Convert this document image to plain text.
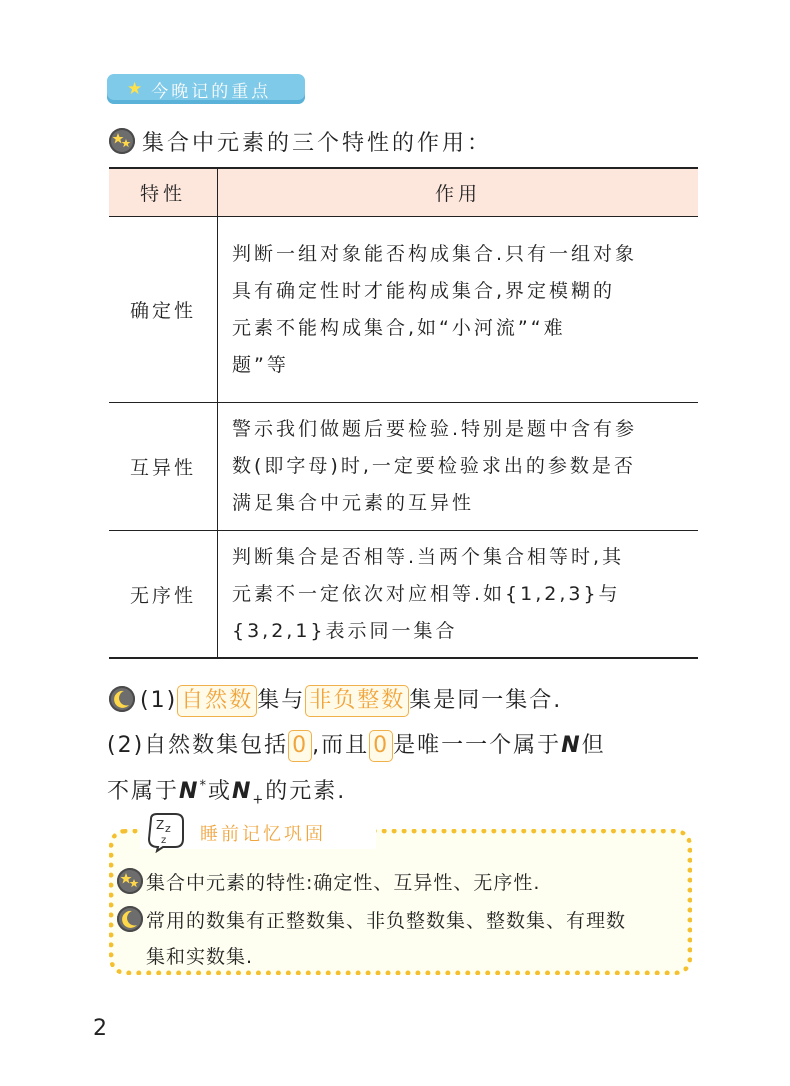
★ 今晚记的重点
集合中元素的三个特性的作用：
特性	作用
确定性	判断一组对象能否构成集合.只有一组对象
具有确定性时才能构成集合,界定模糊的
元素不能构成集合,如“小河流”“难
题”等

互异性	警示我们做题后要检验.特别是题中含有参
数(即字母)时,一定要检验求出的参数是否
满足集合中元素的互异性

无序性	判断集合是否相等.当两个集合相等时,其
元素不一定依次对应相等.如{1,2,3}与
{3,2,1}表示同一集合
(1) 自然数 集与 非负整数 集是同一集合.
(2)自然数集包括 0 ,而且 0 是唯一一个属于N但
不属于N*或$N_+$的元素.
Z z
z 睡前记忆巩固
集合中元素的特性:确定性、互异性、无序性.
常用的数集有正整数集、非负整数集、整数集、有理数
集和实数集.
2
